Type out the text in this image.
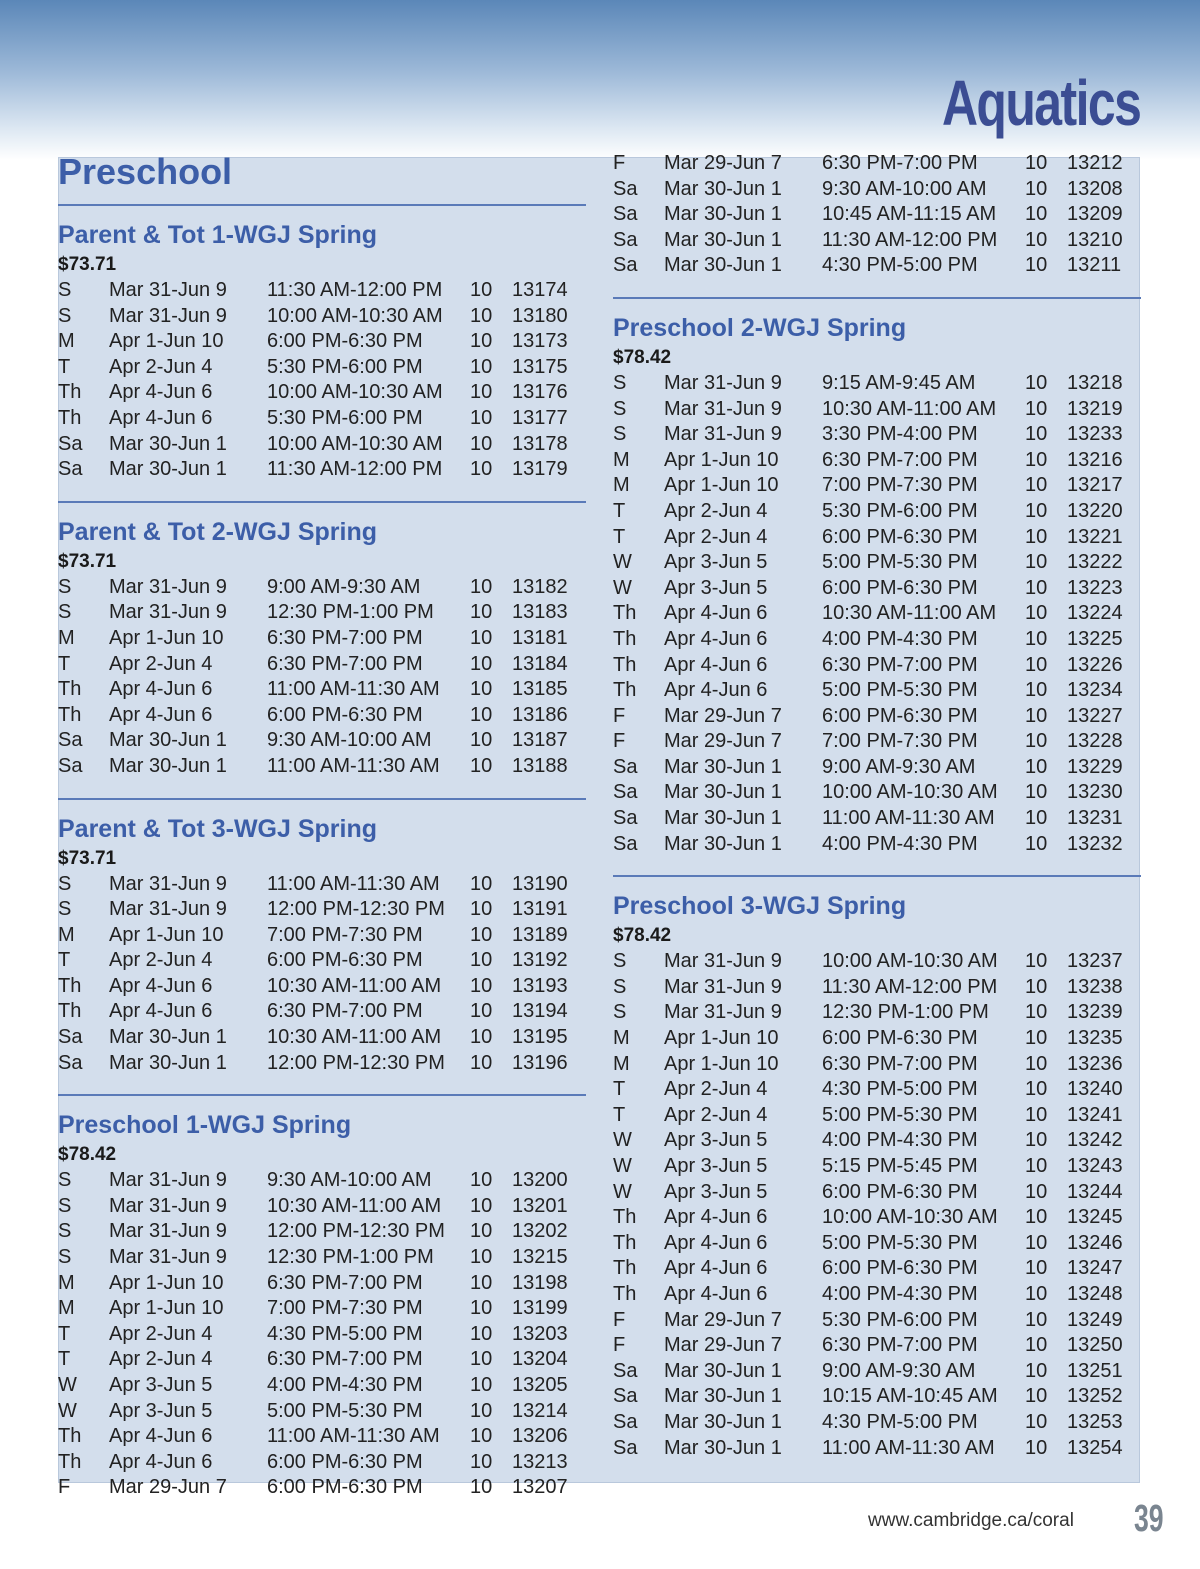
Aquatics
Preschool
Parent & Tot 1-WGJ Spring
$73.71
S	Mar 31-Jun 9	11:30 AM-12:00 PM	10 13174
S	Mar 31-Jun 9	10:00 AM-10:30 AM	10 13180
M	Apr 1-Jun 10	6:00 PM-6:30 PM	10 13173
T	Apr 2-Jun 4	5:30 PM-6:00 PM	10 13175
Th	Apr 4-Jun 6	10:00 AM-10:30 AM	10 13176
Th	Apr 4-Jun 6	5:30 PM-6:00 PM	10 13177
Sa	Mar 30-Jun 1	10:00 AM-10:30 AM	10 13178
Sa	Mar 30-Jun 1	11:30 AM-12:00 PM	10 13179
Parent & Tot 2-WGJ Spring
$73.71
S	Mar 31-Jun 9	9:00 AM-9:30 AM	10 13182
S	Mar 31-Jun 9	12:30 PM-1:00 PM	10 13183
M	Apr 1-Jun 10	6:30 PM-7:00 PM	10 13181
T	Apr 2-Jun 4	6:30 PM-7:00 PM	10 13184
Th	Apr 4-Jun 6	11:00 AM-11:30 AM	10 13185
Th	Apr 4-Jun 6	6:00 PM-6:30 PM	10 13186
Sa	Mar 30-Jun 1	9:30 AM-10:00 AM	10 13187
Sa	Mar 30-Jun 1	11:00 AM-11:30 AM	10 13188
Parent & Tot 3-WGJ Spring
$73.71
S	Mar 31-Jun 9	11:00 AM-11:30 AM	10 13190
S	Mar 31-Jun 9	12:00 PM-12:30 PM	10 13191
M	Apr 1-Jun 10	7:00 PM-7:30 PM	10 13189
T	Apr 2-Jun 4	6:00 PM-6:30 PM	10 13192
Th	Apr 4-Jun 6	10:30 AM-11:00 AM	10 13193
Th	Apr 4-Jun 6	6:30 PM-7:00 PM	10 13194
Sa	Mar 30-Jun 1	10:30 AM-11:00 AM	10 13195
Sa	Mar 30-Jun 1	12:00 PM-12:30 PM	10 13196
Preschool 1-WGJ Spring
$78.42
S	Mar 31-Jun 9	9:30 AM-10:00 AM	10 13200
S	Mar 31-Jun 9	10:30 AM-11:00 AM	10 13201
S	Mar 31-Jun 9	12:00 PM-12:30 PM	10 13202
S	Mar 31-Jun 9	12:30 PM-1:00 PM	10 13215
M	Apr 1-Jun 10	6:30 PM-7:00 PM	10 13198
M	Apr 1-Jun 10	7:00 PM-7:30 PM	10 13199
T	Apr 2-Jun 4	4:30 PM-5:00 PM	10 13203
T	Apr 2-Jun 4	6:30 PM-7:00 PM	10 13204
W	Apr 3-Jun 5	4:00 PM-4:30 PM	10 13205
W	Apr 3-Jun 5	5:00 PM-5:30 PM	10 13214
Th	Apr 4-Jun 6	11:00 AM-11:30 AM	10 13206
Th	Apr 4-Jun 6	6:00 PM-6:30 PM	10 13213
F	Mar 29-Jun 7	6:00 PM-6:30 PM	10 13207
F	Mar 29-Jun 7	6:30 PM-7:00 PM	10 13212
Sa	Mar 30-Jun 1	9:30 AM-10:00 AM	10 13208
Sa	Mar 30-Jun 1	10:45 AM-11:15 AM	10 13209
Sa	Mar 30-Jun 1	11:30 AM-12:00 PM	10 13210
Sa	Mar 30-Jun 1	4:30 PM-5:00 PM	10 13211
Preschool 2-WGJ Spring
$78.42
S	Mar 31-Jun 9	9:15 AM-9:45 AM	10 13218
S	Mar 31-Jun 9	10:30 AM-11:00 AM	10 13219
S	Mar 31-Jun 9	3:30 PM-4:00 PM	10 13233
M	Apr 1-Jun 10	6:30 PM-7:00 PM	10 13216
M	Apr 1-Jun 10	7:00 PM-7:30 PM	10 13217
T	Apr 2-Jun 4	5:30 PM-6:00 PM	10 13220
T	Apr 2-Jun 4	6:00 PM-6:30 PM	10 13221
W	Apr 3-Jun 5	5:00 PM-5:30 PM	10 13222
W	Apr 3-Jun 5	6:00 PM-6:30 PM	10 13223
Th	Apr 4-Jun 6	10:30 AM-11:00 AM	10 13224
Th	Apr 4-Jun 6	4:00 PM-4:30 PM	10 13225
Th	Apr 4-Jun 6	6:30 PM-7:00 PM	10 13226
Th	Apr 4-Jun 6	5:00 PM-5:30 PM	10 13234
F	Mar 29-Jun 7	6:00 PM-6:30 PM	10 13227
F	Mar 29-Jun 7	7:00 PM-7:30 PM	10 13228
Sa	Mar 30-Jun 1	9:00 AM-9:30 AM	10 13229
Sa	Mar 30-Jun 1	10:00 AM-10:30 AM	10 13230
Sa	Mar 30-Jun 1	11:00 AM-11:30 AM	10 13231
Sa	Mar 30-Jun 1	4:00 PM-4:30 PM	10 13232
Preschool 3-WGJ Spring
$78.42
S	Mar 31-Jun 9	10:00 AM-10:30 AM	10 13237
S	Mar 31-Jun 9	11:30 AM-12:00 PM	10 13238
S	Mar 31-Jun 9	12:30 PM-1:00 PM	10 13239
M	Apr 1-Jun 10	6:00 PM-6:30 PM	10 13235
M	Apr 1-Jun 10	6:30 PM-7:00 PM	10 13236
T	Apr 2-Jun 4	4:30 PM-5:00 PM	10 13240
T	Apr 2-Jun 4	5:00 PM-5:30 PM	10 13241
W	Apr 3-Jun 5	4:00 PM-4:30 PM	10 13242
W	Apr 3-Jun 5	5:15 PM-5:45 PM	10 13243
W	Apr 3-Jun 5	6:00 PM-6:30 PM	10 13244
Th	Apr 4-Jun 6	10:00 AM-10:30 AM	10 13245
Th	Apr 4-Jun 6	5:00 PM-5:30 PM	10 13246
Th	Apr 4-Jun 6	6:00 PM-6:30 PM	10 13247
Th	Apr 4-Jun 6	4:00 PM-4:30 PM	10 13248
F	Mar 29-Jun 7	5:30 PM-6:00 PM	10 13249
F	Mar 29-Jun 7	6:30 PM-7:00 PM	10 13250
Sa	Mar 30-Jun 1	9:00 AM-9:30 AM	10 13251
Sa	Mar 30-Jun 1	10:15 AM-10:45 AM	10 13252
Sa	Mar 30-Jun 1	4:30 PM-5:00 PM	10 13253
Sa	Mar 30-Jun 1	11:00 AM-11:30 AM	10 13254
www.cambridge.ca/coral 39
